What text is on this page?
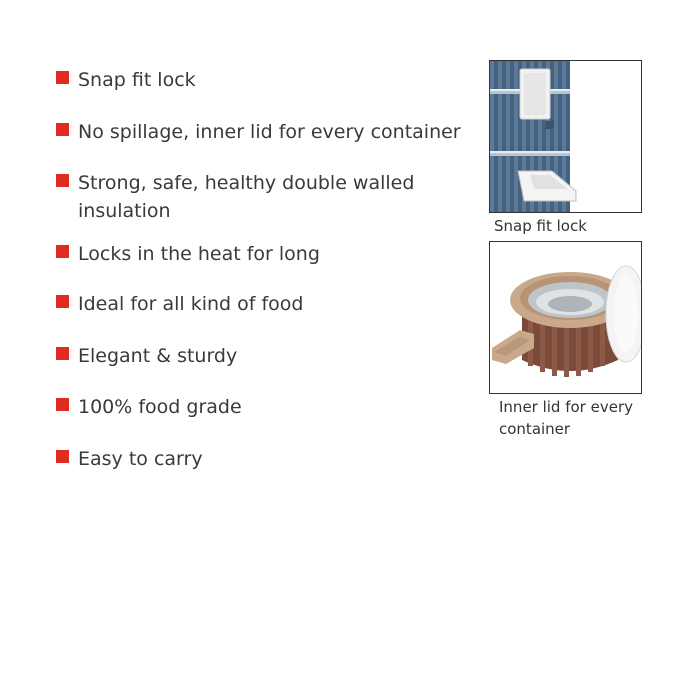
Snap fit lock
No spillage, inner lid for every container
Strong, safe, healthy double walled insulation
Locks in the heat for long
Ideal for all kind of food
Elegant & sturdy
100% food grade
Easy to carry
Snap fit lock
Inner lid for every container
